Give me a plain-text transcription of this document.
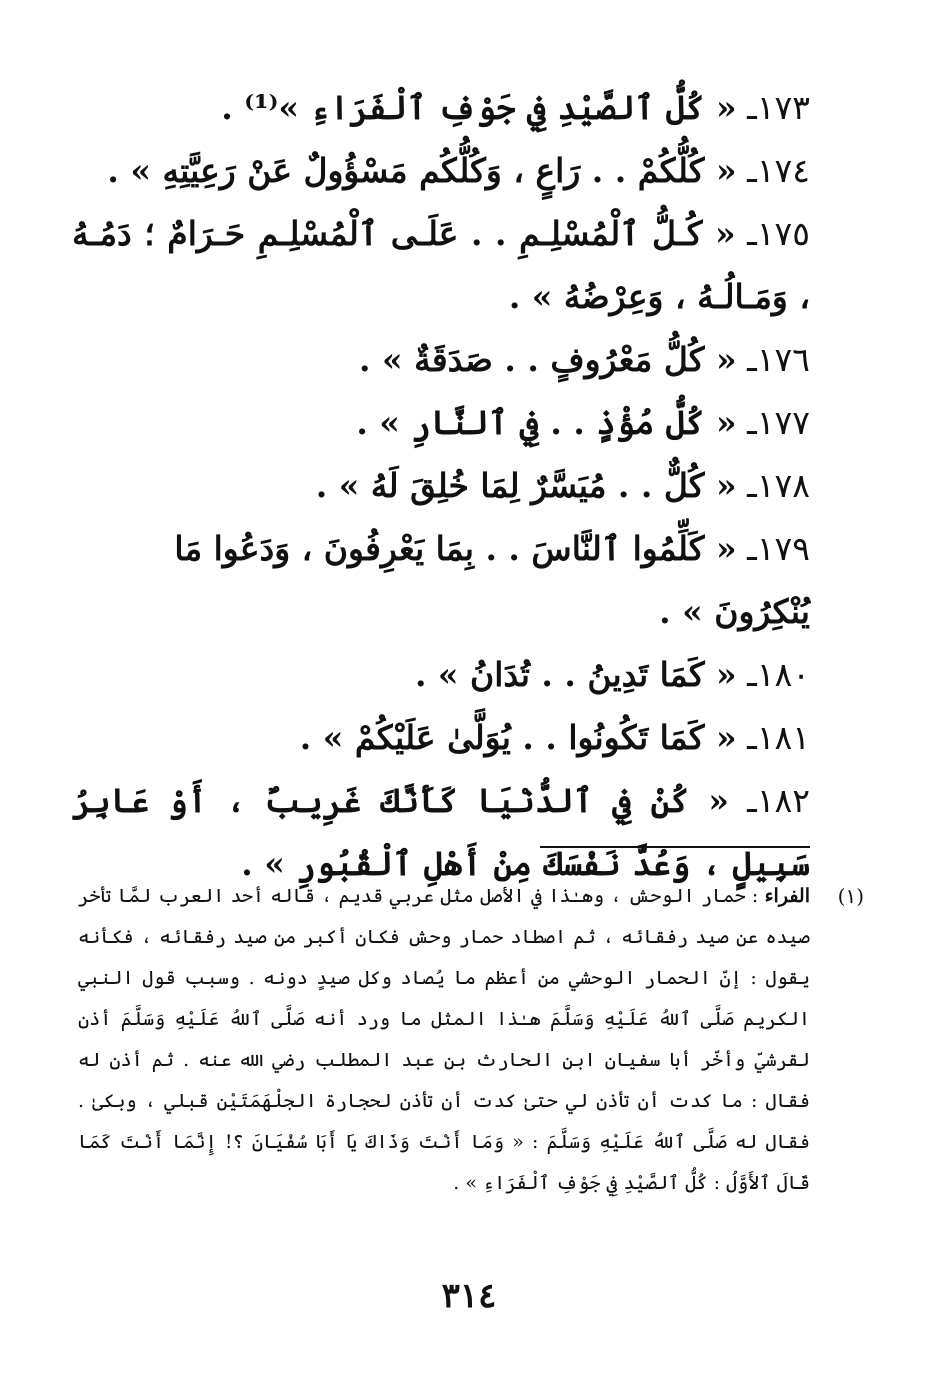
١٧٣ـ « كُلُّ ٱلصَّيْدِ فِي جَوْفِ ٱلْفَرَاءِ »⁽¹⁾ .
١٧٤ـ « كُلُّكُمْ . . رَاعٍ ، وَكُلُّكُم مَسْؤُولٌ عَنْ رَعِيَّتِهِ » .
١٧٥ـ « كُـلُّ ٱلْمُسْلِـمِ . . عَلَـى ٱلْمُسْلِـمِ حَـرَامٌ ؛ دَمُـهُ ، وَمَـالُـهُ ، وَعِرْضُهُ » .
١٧٦ـ « كُلُّ مَعْرُوفٍ . . صَدَقَةٌ » .
١٧٧ـ « كُلُّ مُؤْذٍ . . فِي ٱلنَّارِ » .
١٧٨ـ « كُلٌّ . . مُيَسَّرٌ لِمَا خُلِقَ لَهُ » .
١٧٩ـ « كَلِّمُوا ٱلنَّاسَ . . بِمَا يَعْرِفُونَ ، وَدَعُوا مَا يُنْكِرُونَ » .
١٨٠ـ « كَمَا تَدِينُ . . تُدَانُ » .
١٨١ـ « كَمَا تَكُونُوا . . يُوَلَّىٰ عَلَيْكُمْ » .
١٨٢ـ « كُنْ فِي ٱلدُّنْيَا كَأَنَّكَ غَرِيبٌ ، أَوْ عَابِرُ سَبِيلٍ ، وَعُدَّ نَفْسَكَ مِنْ أَهْلِ ٱلْقُبُورِ » .
(١)
الفراء : حمار الوحش ، وهـٰذا في الأصل مثل عربي قديم ، قاله أحد العرب لمَّا تأخر صيده عن صيد رفقائه ، ثم اصطاد حمار وحش فكان أكبر من صيد رفقائه ، فكأنه يقول : إنّ الحمار الوحشي من أعظم ما يُصاد وكل صيدٍ دونه . وسبب قول النبي الكريم صَلَّى ٱللهُ عَلَيْهِ وَسَلَّمَ هـٰذا المثل ما ورد أنه صَلَّى ٱللهُ عَلَيْهِ وَسَلَّمَ أذن لقرشيّ وأخّر أبا سفيان ابن الحارث بن عبد المطلب رضي الله عنه . ثم أذن له فقال : ما كدت أن تأذن لي حتىٰ كدت أن تأذن لحجارة الجلْهَمَتَيْن قبلي ، وبكىٰ . فقال له صَلَّى ٱللهُ عَلَيْهِ وَسَلَّمَ : « وَمَا أَنْتَ وَذَاكَ يَا أَبَا سُفْيَانَ ؟! إِنَّمَا أَنْتَ كَمَا قَالَ ٱلأَوَّلُ : كُلُّ ٱلصَّيْدِ فِي جَوْفِ ٱلْفَرَاءِ » .
٣١٤
